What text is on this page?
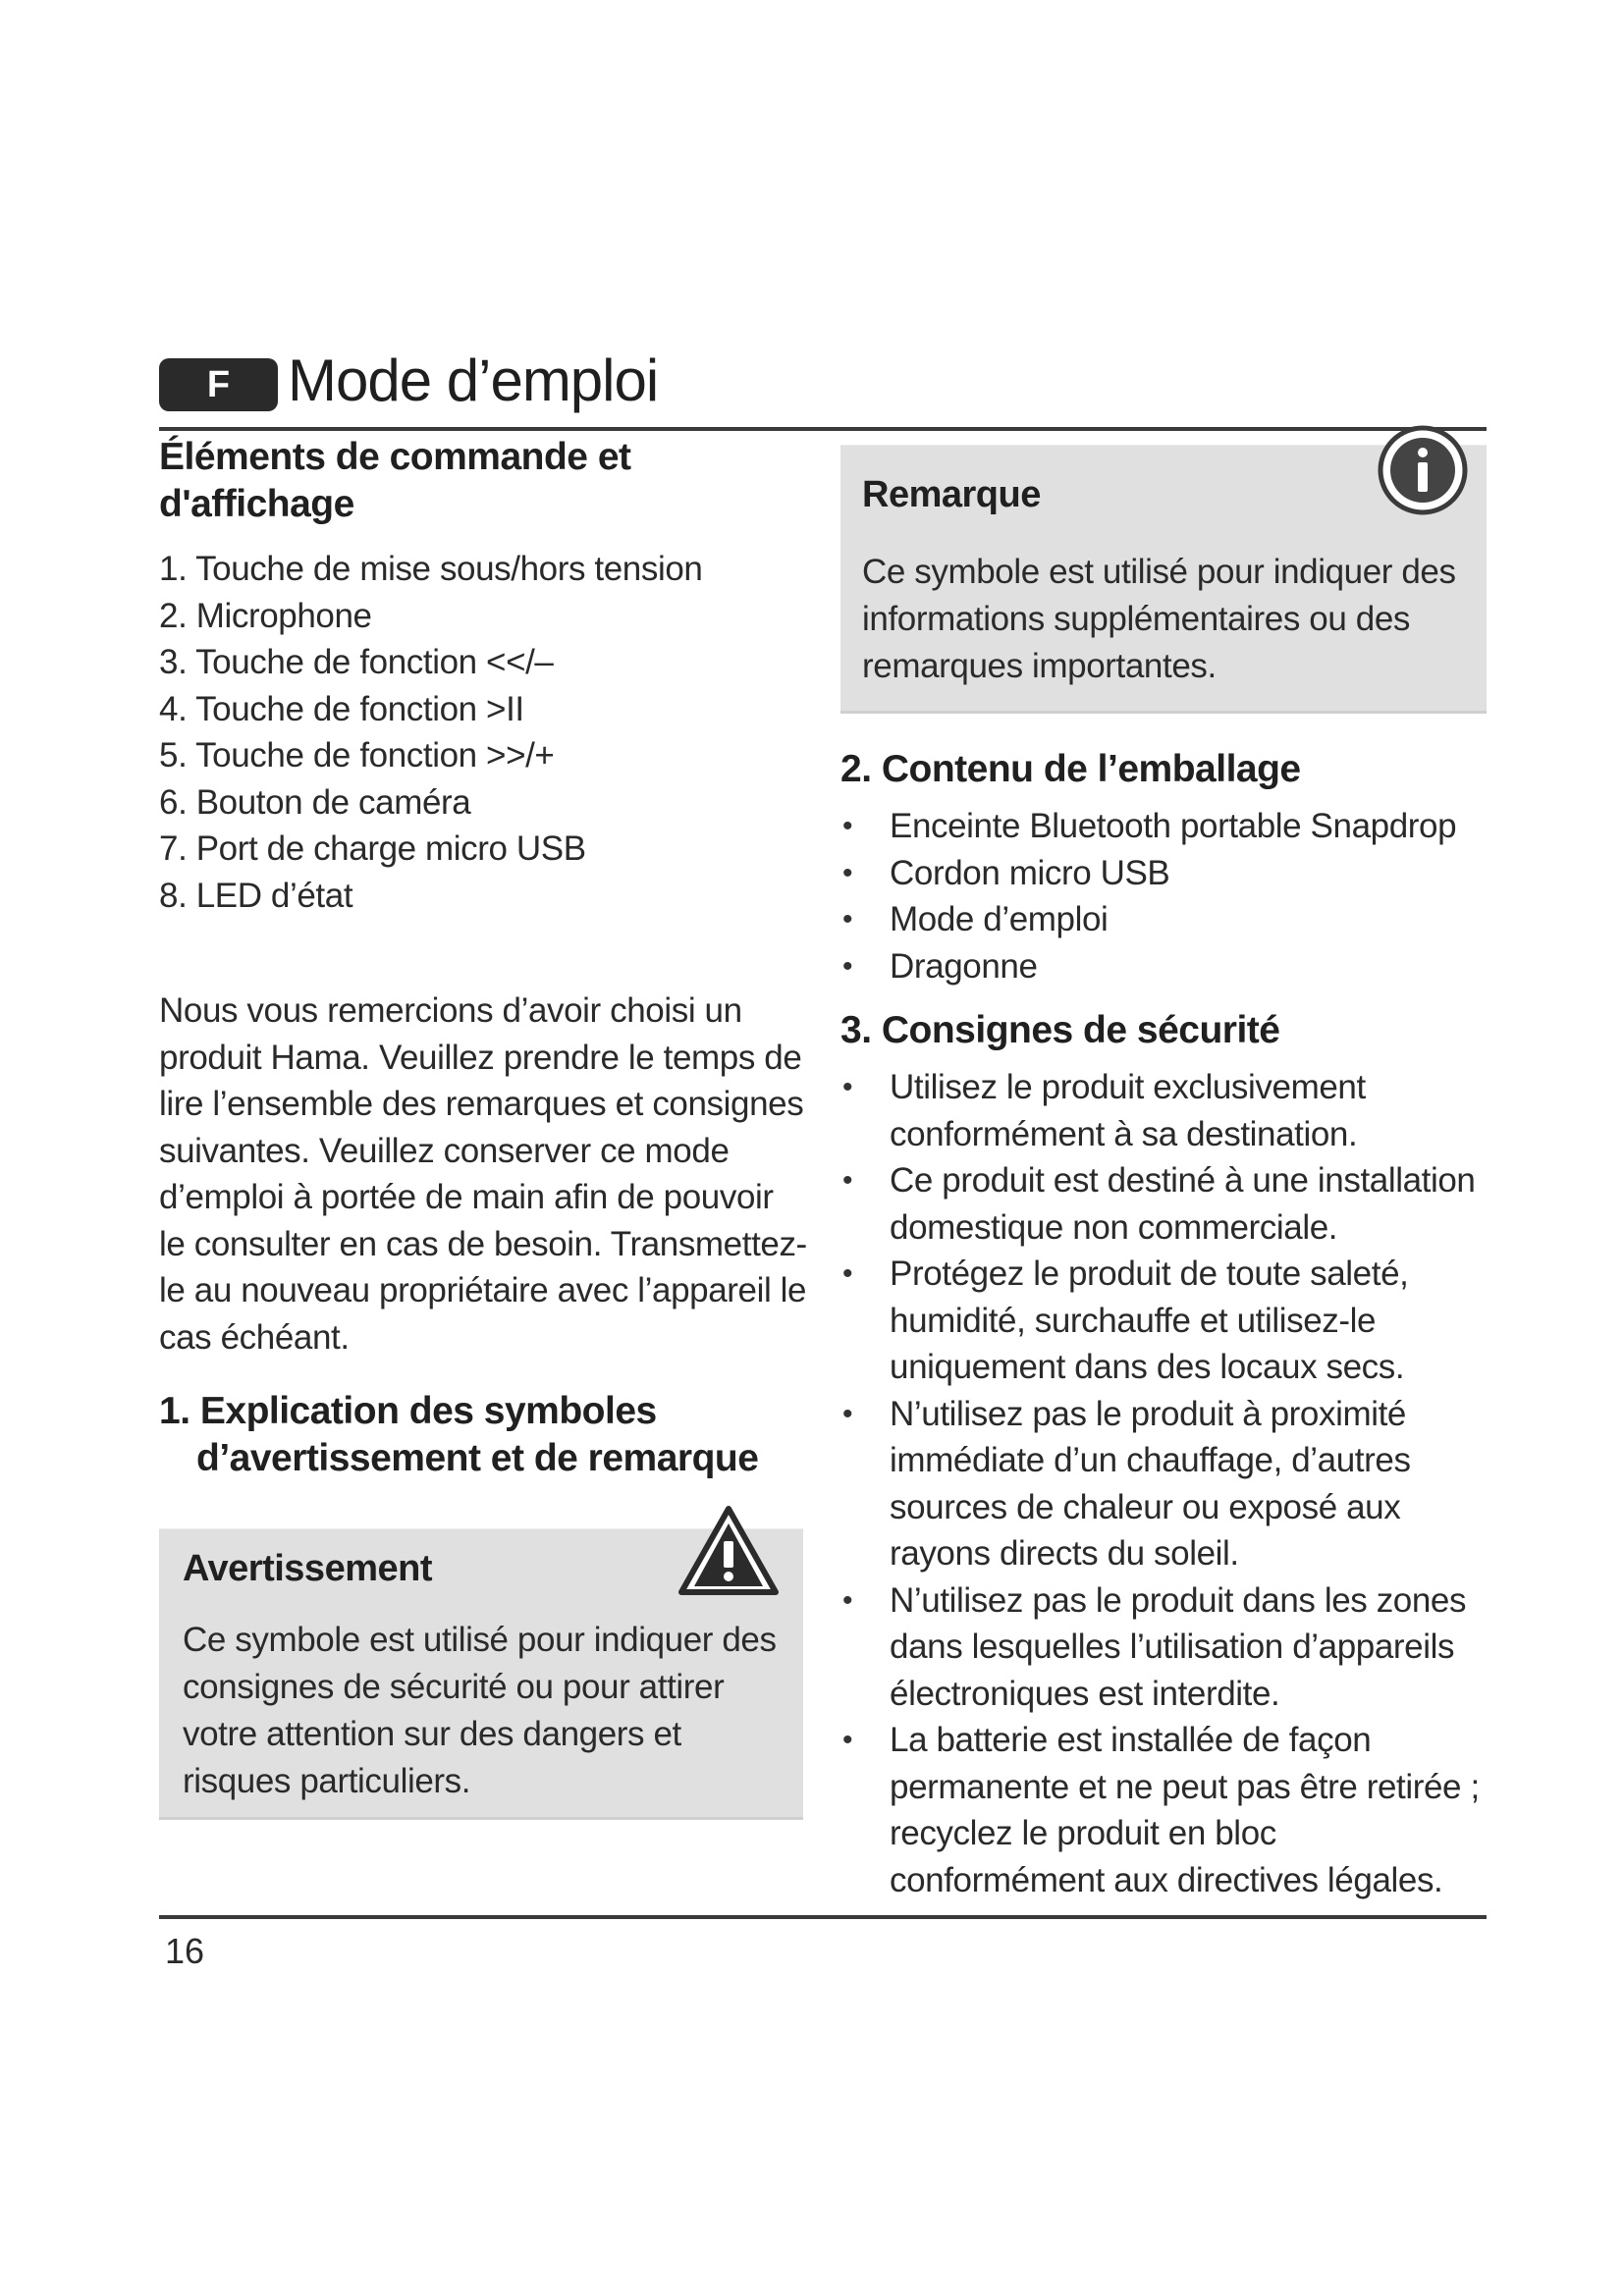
F Mode d’emploi
Éléments de commande et d'affichage
1. Touche de mise sous/hors tension
2. Microphone
3. Touche de fonction <</–
4. Touche de fonction >II
5. Touche de fonction >>/+
6. Bouton de caméra
7. Port de charge micro USB
8. LED d’état

Nous vous remercions d’avoir choisi un produit Hama. Veuillez prendre le temps de lire l’ensemble des remarques et consignes suivantes. Veuillez conserver ce mode d’emploi à portée de main afin de pouvoir le consulter en cas de besoin. Transmettez-le au nouveau propriétaire avec l’appareil le cas échéant.

1. Explication des symboles d’avertissement et de remarque
Avertissement

Ce symbole est utilisé pour indiquer des consignes de sécurité ou pour attirer votre attention sur des dangers et risques particuliers.

Remarque

Ce symbole est utilisé pour indiquer des informations supplémentaires ou des remarques importantes.

2. Contenu de l’emballage
• Enceinte Bluetooth portable Snapdrop
• Cordon micro USB
• Mode d’emploi
• Dragonne
3. Consignes de sécurité
• Utilisez le produit exclusivement conformément à sa destination.
• Ce produit est destiné à une installation domestique non commerciale.
• Protégez le produit de toute saleté, humidité, surchauffe et utilisez-le uniquement dans des locaux secs.
• N’utilisez pas le produit à proximité immédiate d’un chauffage, d’autres sources de chaleur ou exposé aux rayons directs du soleil.
• N’utilisez pas le produit dans les zones dans lesquelles l’utilisation d’appareils électroniques est interdite.
• La batterie est installée de façon permanente et ne peut pas être retirée ; recyclez le produit en bloc conformément aux directives légales.
16
